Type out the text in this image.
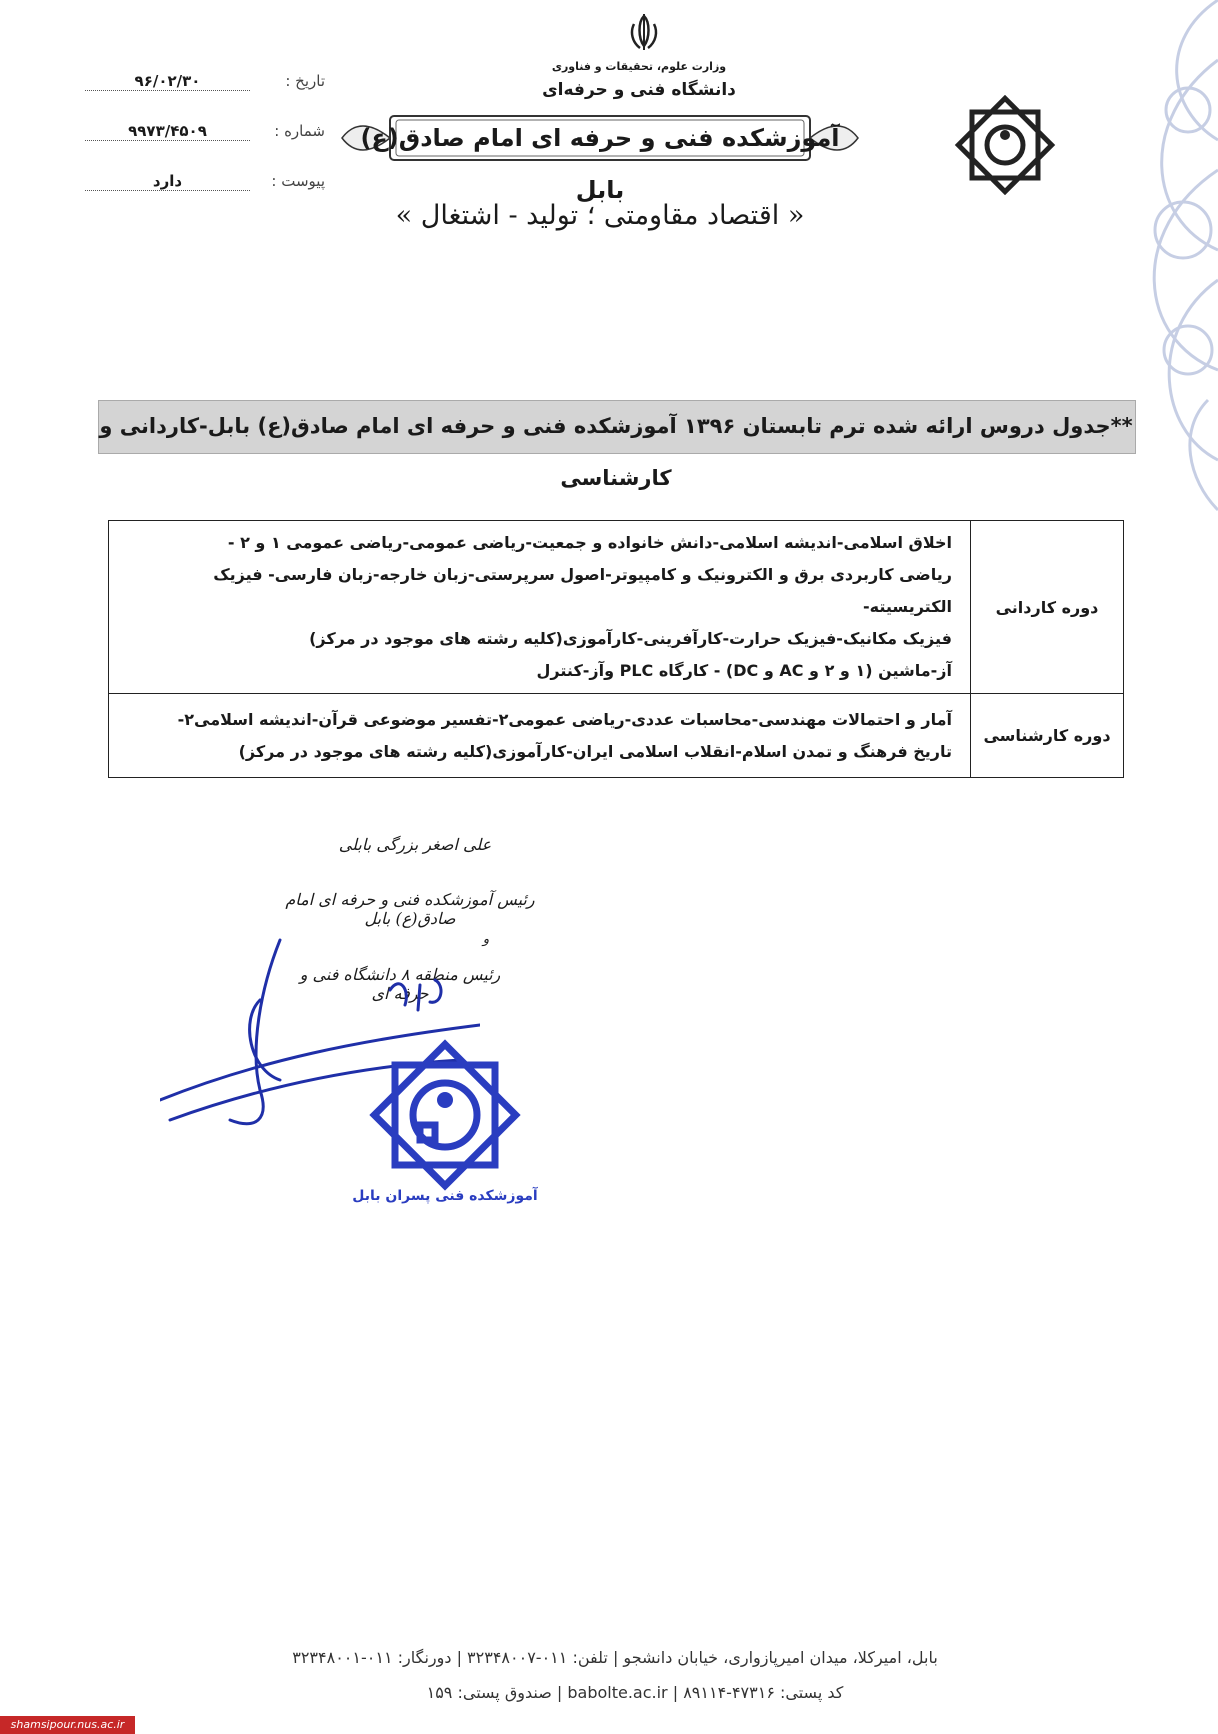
وزارت علوم، تحقیقات و فناوری
دانشگاه فنی و حرفه‌ای
آموزشکده فنی و حرفه ای امام صادق(ع) بابل
تاریخ :
۹۶/۰۲/۳۰
شماره :
۹۹۷۳/۴۵۰۹
پیوست :
دارد
« اقتصاد مقاومتی ؛ تولید - اشتغال »
**جدول دروس ارائه شده ترم تابستان ۱۳۹۶ آموزشکده فنی و حرفه ای امام صادق(ع) بابل-کاردانی و کارشناسی
دوره کاردانی	اخلاق اسلامی-اندیشه اسلامی-دانش خانواده و جمعیت-ریاضی عمومی-ریاضی عمومی ۱ و ۲ -
ریاضی کاربردی برق و الکترونیک و کامپیوتر-اصول سرپرستی-زبان خارجه-زبان فارسی- فیزیک الکتریسیته-
فیزیک مکانیک-فیزیک حرارت-کارآفرینی-کارآموزی(کلیه رشته های موجود در مرکز)
آز-ماشین (۱ و ۲ و AC و DC) - کارگاه PLC وآز-کنترل

دوره کارشناسی	آمار و احتمالات مهندسی-محاسبات عددی-ریاضی عمومی۲-تفسیر موضوعی قرآن-اندیشه اسلامی۲-
تاریخ فرهنگ و تمدن اسلام-انقلاب اسلامی ایران-کارآموزی(کلیه رشته های موجود در مرکز)
علی اصغر بزرگی بابلی
رئیس آموزشکده فنی و حرفه ای امام صادق(ع) بابل
و
رئیس منطقه ۸ دانشگاه فنی و حرفه ای
آموزشکده فنی پسران بابل
بابل، امیرکلا، میدان امیرپازواری، خیابان دانشجو | تلفن: ۰۱۱-۳۲۳۴۸۰۰۷ | دورنگار: ۰۱۱-۳۲۳۴۸۰۰۱
کد پستی: ۴۷۳۱۶-۸۹۱۱۴ | babolte.ac.ir | صندوق پستی: ۱۵۹
shamsipour.nus.ac.ir
